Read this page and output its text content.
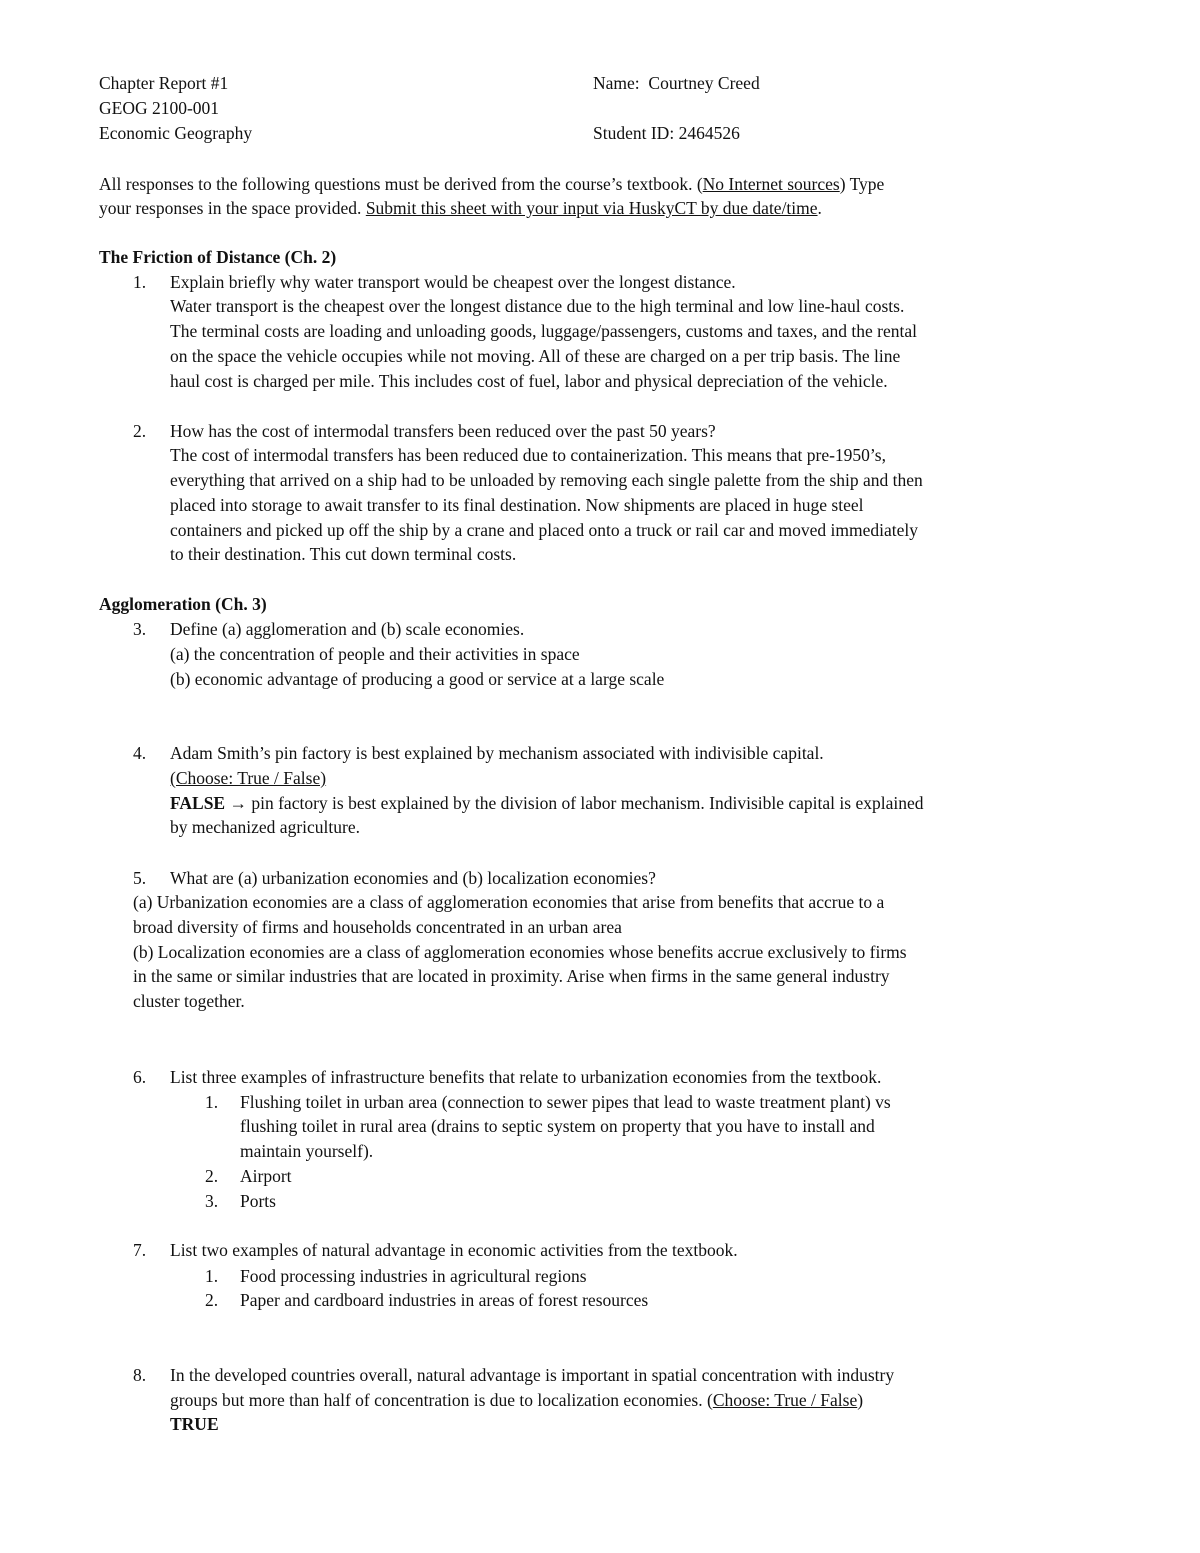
Chapter Report #1
GEOG 2100-001
Economic Geography
Name: Courtney Creed
Student ID: 2464526
All responses to the following questions must be derived from the course’s textbook. (No Internet sources) Type
your responses in the space provided. Submit this sheet with your input via HuskyCT by due date/time.
The Friction of Distance (Ch. 2)
1. Explain briefly why water transport would be cheapest over the longest distance.
Water transport is the cheapest over the longest distance due to the high terminal and low line-haul costs.
The terminal costs are loading and unloading goods, luggage/passengers, customs and taxes, and the rental
on the space the vehicle occupies while not moving. All of these are charged on a per trip basis. The line
haul cost is charged per mile. This includes cost of fuel, labor and physical depreciation of the vehicle.
2. How has the cost of intermodal transfers been reduced over the past 50 years?
The cost of intermodal transfers has been reduced due to containerization. This means that pre-1950’s,
everything that arrived on a ship had to be unloaded by removing each single palette from the ship and then
placed into storage to await transfer to its final destination. Now shipments are placed in huge steel
containers and picked up off the ship by a crane and placed onto a truck or rail car and moved immediately
to their destination. This cut down terminal costs.
Agglomeration (Ch. 3)
3. Define (a) agglomeration and (b) scale economies.
(a) the concentration of people and their activities in space
(b) economic advantage of producing a good or service at a large scale
4. Adam Smith’s pin factory is best explained by mechanism associated with indivisible capital.
(Choose: True / False)
FALSE → pin factory is best explained by the division of labor mechanism. Indivisible capital is explained
by mechanized agriculture.
5. What are (a) urbanization economies and (b) localization economies?
(a) Urbanization economies are a class of agglomeration economies that arise from benefits that accrue to a
broad diversity of firms and households concentrated in an urban area
(b) Localization economies are a class of agglomeration economies whose benefits accrue exclusively to firms
in the same or similar industries that are located in proximity. Arise when firms in the same general industry
cluster together.
6. List three examples of infrastructure benefits that relate to urbanization economies from the textbook.
1. Flushing toilet in urban area (connection to sewer pipes that lead to waste treatment plant) vs
flushing toilet in rural area (drains to septic system on property that you have to install and
maintain yourself).
2. Airport
3. Ports
7. List two examples of natural advantage in economic activities from the textbook.
1. Food processing industries in agricultural regions
2. Paper and cardboard industries in areas of forest resources
8. In the developed countries overall, natural advantage is important in spatial concentration with industry
groups but more than half of concentration is due to localization economies. (Choose: True / False)
TRUE
